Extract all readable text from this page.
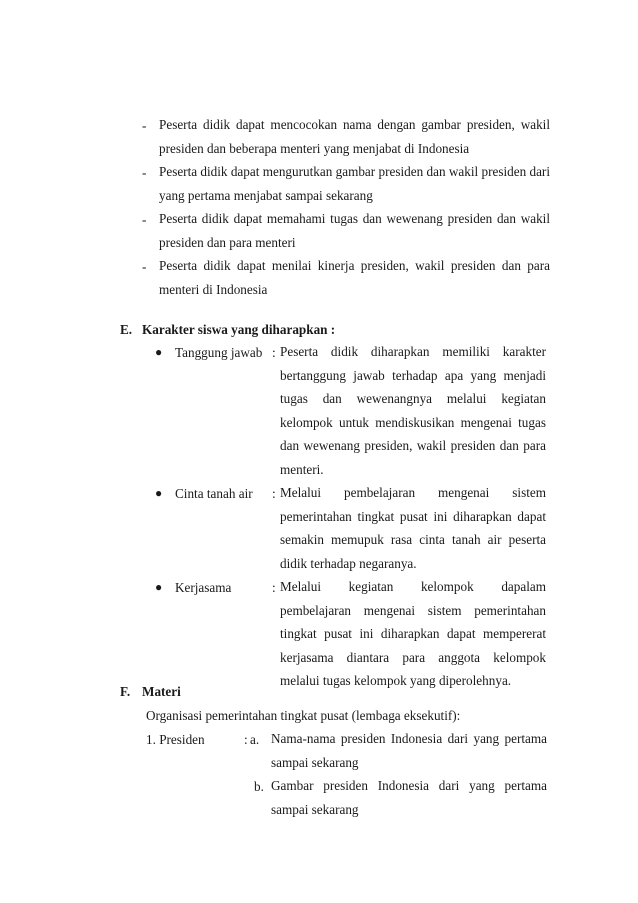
- Peserta didik dapat mencocokan nama dengan gambar presiden, wakil presiden dan beberapa menteri yang menjabat di Indonesia
- Peserta didik dapat mengurutkan gambar presiden dan wakil presiden dari yang pertama menjabat sampai sekarang
- Peserta didik dapat memahami tugas dan wewenang presiden dan wakil presiden dan para menteri
- Peserta didik dapat menilai kinerja presiden, wakil presiden dan para menteri di Indonesia
E. Karakter siswa yang diharapkan :
● Tanggung jawab : Peserta didik diharapkan memiliki karakter bertanggung jawab terhadap apa yang menjadi tugas dan wewenangnya melalui kegiatan kelompok untuk mendiskusikan mengenai tugas dan wewenang presiden, wakil presiden dan para menteri.
● Cinta tanah air : Melalui pembelajaran mengenai sistem pemerintahan tingkat pusat ini diharapkan dapat semakin memupuk rasa cinta tanah air peserta didik terhadap negaranya.
● Kerjasama	: Melalui kegiatan kelompok dapalam pembelajaran mengenai sistem pemerintahan tingkat pusat ini diharapkan dapat mempererat kerjasama diantara para anggota kelompok melalui tugas kelompok yang diperolehnya.
F. Materi
Organisasi pemerintahan tingkat pusat (lembaga eksekutif):
1. Presiden	: a. Nama-nama presiden Indonesia dari yang pertama sampai sekarang
b. Gambar presiden Indonesia dari yang pertama sampai sekarang
